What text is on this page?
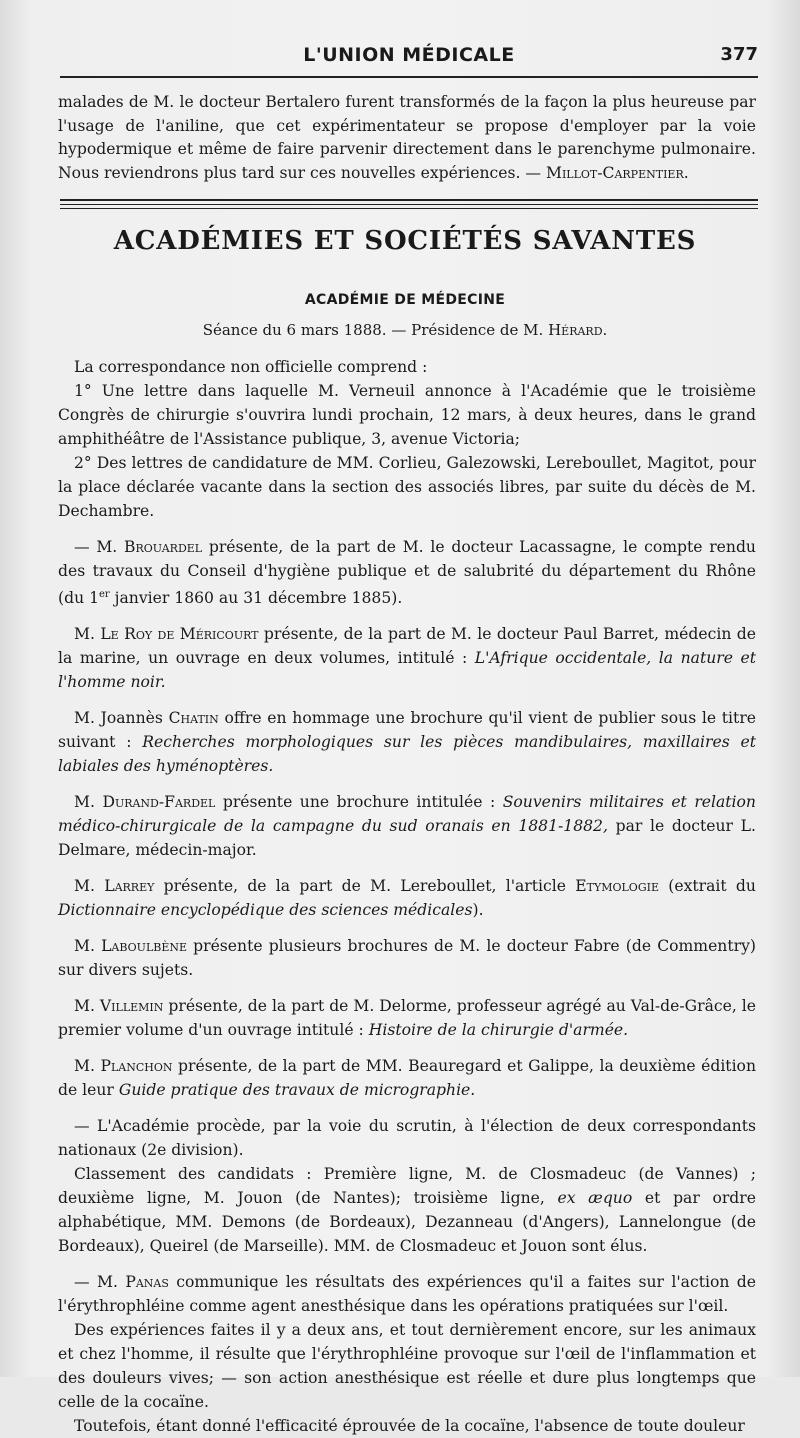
L'UNION MÉDICALE	377

malades de M. le docteur Bertalero furent transformés de la façon la plus heureuse par l'usage de l'aniline, que cet expérimentateur se propose d'employer par la voie hypodermique et même de faire parvenir directement dans le parenchyme pulmonaire. Nous reviendrons plus tard sur ces nouvelles expériences. — Millot-Carpentier.

ACADÉMIES ET SOCIÉTÉS SAVANTES
ACADÉMIE DE MÉDECINE
Séance du 6 mars 1888. — Présidence de M. Hérard.

La correspondance non officielle comprend :

1° Une lettre dans laquelle M. Verneuil annonce à l'Académie que le troisième Congrès de chirurgie s'ouvrira lundi prochain, 12 mars, à deux heures, dans le grand amphithéâtre de l'Assistance publique, 3, avenue Victoria;

2° Des lettres de candidature de MM. Corlieu, Galezowski, Lereboullet, Magitot, pour la place déclarée vacante dans la section des associés libres, par suite du décès de M. Dechambre.

— M. Brouardel présente, de la part de M. le docteur Lacassagne, le compte rendu des travaux du Conseil d'hygiène publique et de salubrité du département du Rhône (du 1er janvier 1860 au 31 décembre 1885).

M. Le Roy de Méricourt présente, de la part de M. le docteur Paul Barret, médecin de la marine, un ouvrage en deux volumes, intitulé : L'Afrique occidentale, la nature et l'homme noir.

M. Joannès Chatin offre en hommage une brochure qu'il vient de publier sous le titre suivant : Recherches morphologiques sur les pièces mandibulaires, maxillaires et labiales des hyménoptères.

M. Durand-Fardel présente une brochure intitulée : Souvenirs militaires et relation médico-chirurgicale de la campagne du sud oranais en 1881-1882, par le docteur L. Delmare, médecin-major.

M. Larrey présente, de la part de M. Lereboullet, l'article Etymologie (extrait du Dictionnaire encyclopédique des sciences médicales).

M. Laboulbène présente plusieurs brochures de M. le docteur Fabre (de Commentry) sur divers sujets.

M. Villemin présente, de la part de M. Delorme, professeur agrégé au Val-de-Grâce, le premier volume d'un ouvrage intitulé : Histoire de la chirurgie d'armée.

M. Planchon présente, de la part de MM. Beauregard et Galippe, la deuxième édition de leur Guide pratique des travaux de micrographie.

— L'Académie procède, par la voie du scrutin, à l'élection de deux correspondants nationaux (2e division).

Classement des candidats : Première ligne, M. de Closmadeuc (de Vannes) ; deuxième ligne, M. Jouon (de Nantes); troisième ligne, ex æquo et par ordre alphabétique, MM. Demons (de Bordeaux), Dezanneau (d'Angers), Lannelongue (de Bordeaux), Queirel (de Marseille). MM. de Closmadeuc et Jouon sont élus.

— M. Panas communique les résultats des expériences qu'il a faites sur l'action de l'érythrophléine comme agent anesthésique dans les opérations pratiquées sur l'œil.

Des expériences faites il y a deux ans, et tout dernièrement encore, sur les animaux et chez l'homme, il résulte que l'érythrophléine provoque sur l'œil de l'inflammation et des douleurs vives; — son action anesthésique est réelle et dure plus longtemps que celle de la cocaïne.

Toutefois, étant donné l'efficacité éprouvée de la cocaïne, l'absence de toute douleur
